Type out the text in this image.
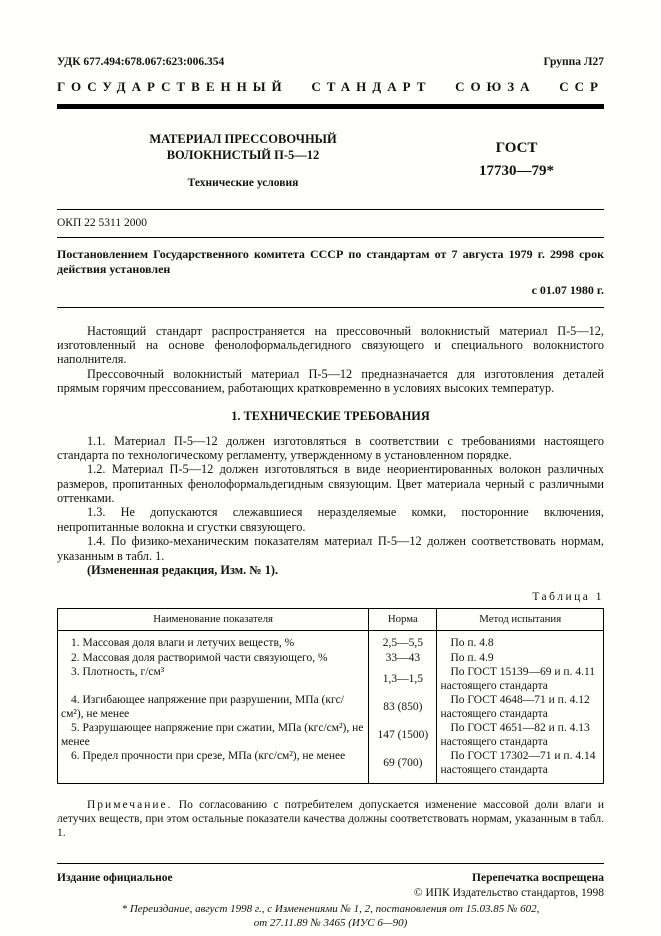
УДК 677.494:678.067:623:006.354	Группа Л27
ГОСУДАРСТВЕННЫЙ СТАНДАРТ СОЮЗА ССР
МАТЕРИАЛ ПРЕССОВОЧНЫЙ
ВОЛОКНИСТЫЙ П-5—12
Технические условия
ГОСТ
17730—79*
ОКП 22 5311 2000

Постановлением Государственного комитета СССР по стандартам от 7 августа 1979 г. 2998 срок действия установлен

с 01.07 1980 г.

Настоящий стандарт распространяется на прессовочный волокнистый материал П-5—12, изготовленный на основе фенолоформальдегидного связующего и специального волокнистого наполнителя.

Прессовочный волокнистый материал П-5—12 предназначается для изготовления деталей прямым горячим прессованием, работающих кратковременно в условиях высоких температур.

1. ТЕХНИЧЕСКИЕ ТРЕБОВАНИЯ

1.1. Материал П-5—12 должен изготовляться в соответствии с требованиями настоящего стандарта по технологическому регламенту, утвержденному в установленном порядке.

1.2. Материал П-5—12 должен изготовляться в виде неориентированных волокон различных размеров, пропитанных фенолоформальдегидным связующим. Цвет материала черный с различными оттенками.

1.3. Не допускаются слежавшиеся неразделяемые комки, посторонние включения, непропитанные волокна и сгустки связующего.

1.4. По физико-механическим показателям материал П-5—12 должен соответствовать нормам, указанным в табл. 1.

(Измененная редакция, Изм. № 1).

Таблица 1
Наименование показателя	Норма	Метод испытания
1. Массовая доля влаги и летучих веществ, %	2,5—5,5	По п. 4.8
2. Массовая доля растворимой части связующего, %	33—43	По п. 4.9
3. Плотность, г/см³	1,3—1,5	По ГОСТ 15139—69 и п. 4.11 настоящего стандарта
4. Изгибающее напряжение при разрушении, МПа (кгс/см²), не менее	83 (850)	По ГОСТ 4648—71 и п. 4.12 настоящего стандарта
5. Разрушающее напряжение при сжатии, МПа (кгс/см²), не менее	147 (1500)	По ГОСТ 4651—82 и п. 4.13 настоящего стандарта
6. Предел прочности при срезе, МПа (кгс/см²), не менее	69 (700)	По ГОСТ 17302—71 и п. 4.14 настоящего стандарта

Примечание. По согласованию с потребителем допускается изменение массовой доли влаги и летучих веществ, при этом остальные показатели качества должны соответствовать нормам, указанным в табл. 1.

Издание официальное	Перепечатка воспрещена
© ИПК Издательство стандартов, 1998
* Переиздание, август 1998 г., с Изменениями № 1, 2, постановления от 15.03.85 № 602,
от 27.11.89 № 3465 (ИУС 6—90)
